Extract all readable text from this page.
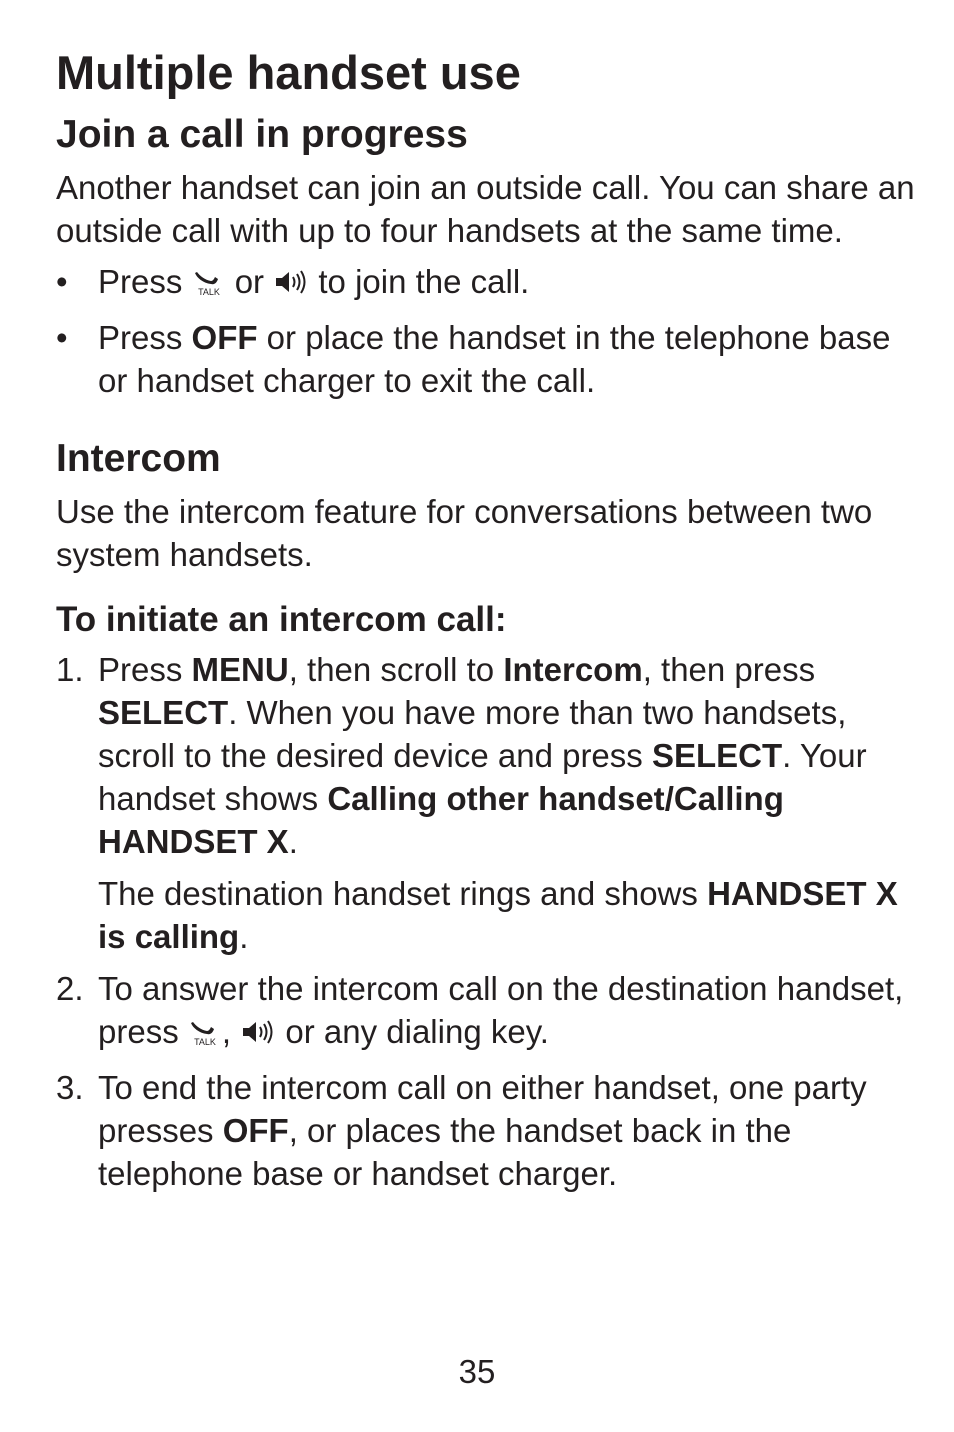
Multiple handset use
Join a call in progress

Another handset can join an outside call. You can share an outside call with up to four handsets at the same time.

• Press TALK or  to join the call.
• Press OFF or place the handset in the telephone base or handset charger to exit the call.
Intercom

Use the intercom feature for conversations between two system handsets.

To initiate an intercom call:
1. Press MENU, then scroll to Intercom, then press SELECT. When you have more than two handsets, scroll to the desired device and press SELECT. Your handset shows Calling other handset/Calling HANDSET X.

The destination handset rings and shows HANDSET X is calling.

2. To answer the intercom call on the destination handset, press TALK ,  or any dialing key.
3. To end the intercom call on either handset, one party presses OFF, or places the handset back in the telephone base or handset charger.
35
